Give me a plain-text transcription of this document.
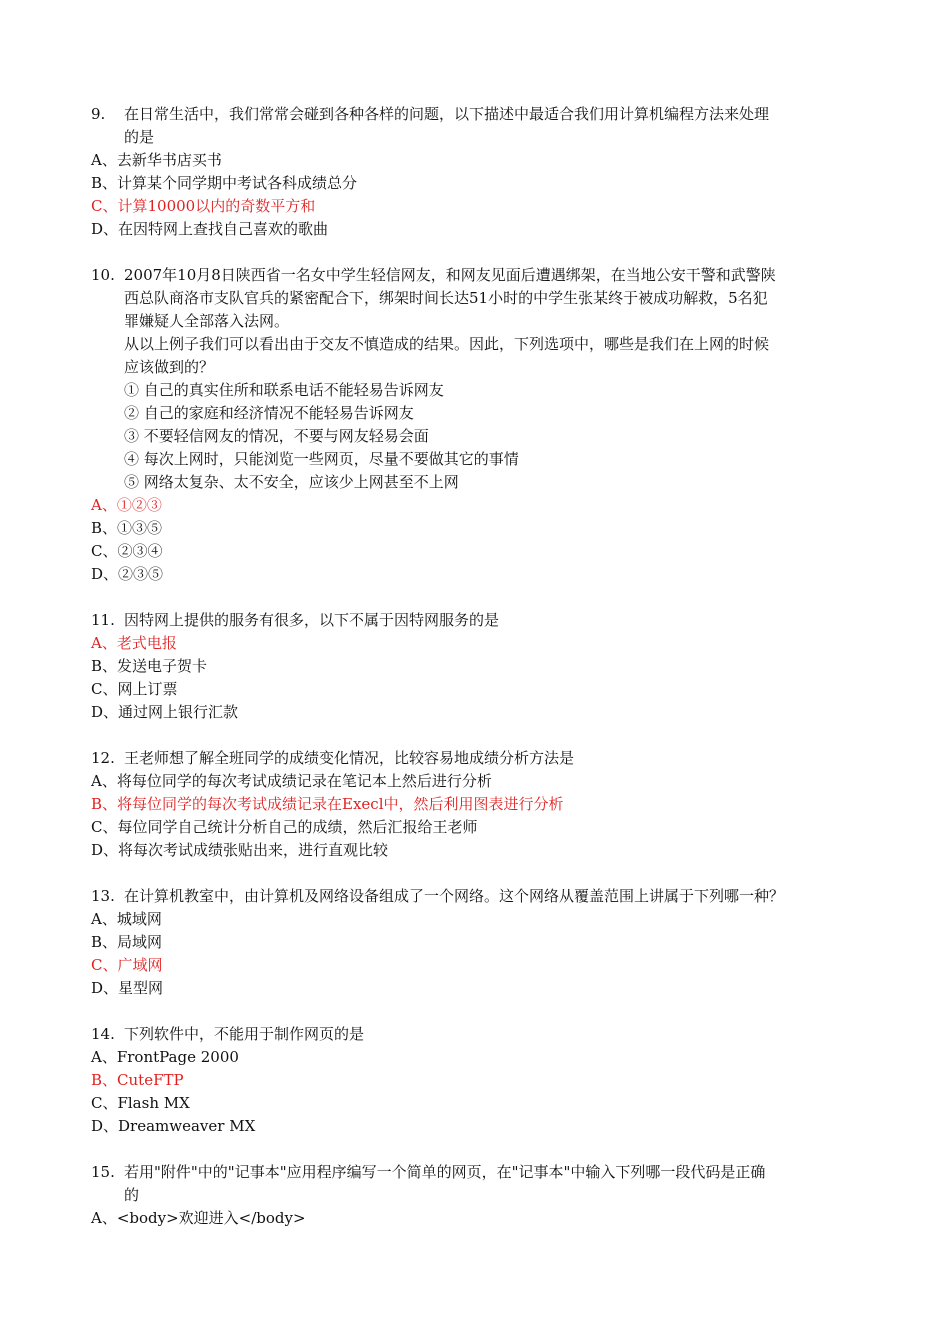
9.	在日常生活中，我们常常会碰到各种各样的问题，以下描述中最适合我们用计算机编程方法来处理
的是
A、去新华书店买书
B、计算某个同学期中考试各科成绩总分
C、计算10000以内的奇数平方和
D、在因特网上查找自己喜欢的歌曲
10. 2007年10月8日陕西省一名女中学生轻信网友，和网友见面后遭遇绑架，在当地公安干警和武警陕
西总队商洛市支队官兵的紧密配合下，绑架时间长达51小时的中学生张某终于被成功解救，5名犯
罪嫌疑人全部落入法网。
从以上例子我们可以看出由于交友不慎造成的结果。因此，下列选项中，哪些是我们在上网的时候
应该做到的？
① 自己的真实住所和联系电话不能轻易告诉网友
② 自己的家庭和经济情况不能轻易告诉网友
③ 不要轻信网友的情况，不要与网友轻易会面
④ 每次上网时，只能浏览一些网页，尽量不要做其它的事情
⑤ 网络太复杂、太不安全，应该少上网甚至不上网
A、①②③
B、①③⑤
C、②③④
D、②③⑤
11. 因特网上提供的服务有很多，以下不属于因特网服务的是
A、老式电报
B、发送电子贺卡
C、网上订票
D、通过网上银行汇款
12. 王老师想了解全班同学的成绩变化情况，比较容易地成绩分析方法是
A、将每位同学的每次考试成绩记录在笔记本上然后进行分析
B、将每位同学的每次考试成绩记录在Execl中，然后利用图表进行分析
C、每位同学自己统计分析自己的成绩，然后汇报给王老师
D、将每次考试成绩张贴出来，进行直观比较
13. 在计算机教室中，由计算机及网络设备组成了一个网络。这个网络从覆盖范围上讲属于下列哪一种？
A、城域网
B、局域网
C、广域网
D、星型网
14. 下列软件中，不能用于制作网页的是
A、FrontPage 2000
B、CuteFTP
C、Flash MX
D、Dreamweaver MX
15. 若用"附件"中的"记事本"应用程序编写一个简单的网页，在"记事本"中输入下列哪一段代码是正确
的
A、<body>欢迎进入</body>
